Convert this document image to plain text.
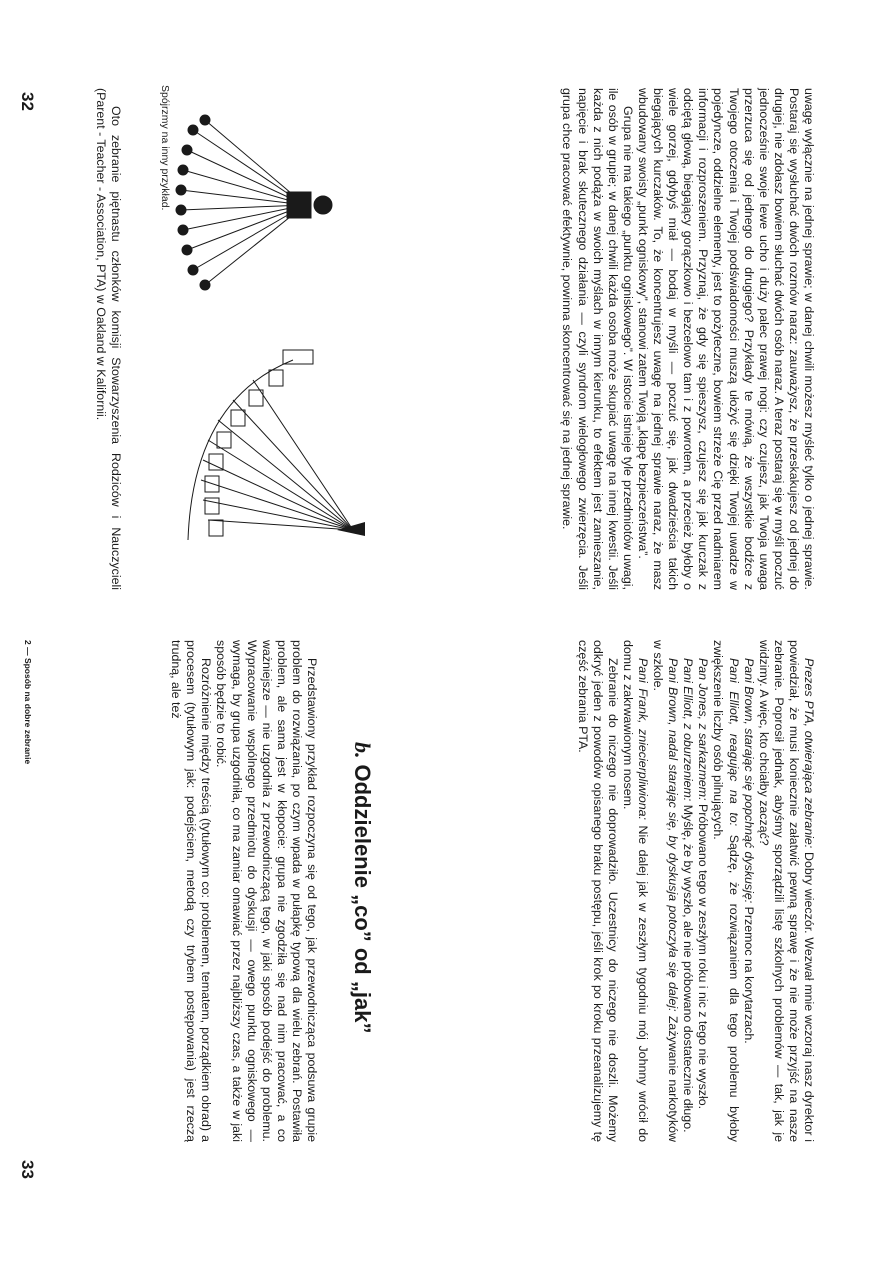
uwagę wyłącznie na jednej sprawie; w danej chwili możesz myśleć tylko o jednej sprawie. Postaraj się wysłuchać dwóch rozmów naraz: zauważysz, że przeskakujesz od jednej do drugiej, nie zdołasz bowiem słuchać dwóch osób naraz. A teraz postaraj się w myśli poczuć jednocześnie swoje lewe ucho i duży palec prawej nogi: czy czujesz, jak Twoja uwaga przerzuca się od jednego do drugiego? Przykłady te mówią, że wszystkie bodźce z Twojego otoczenia i Twojej podświadomości muszą ułożyć się dzięki Twojej uwadze w pojedyncze, oddzielne elementy, jest to pożyteczne, bowiem strzeże Cię przed nadmiarem informacji i rozproszeniem. Przyznaj, że gdy się spieszysz, czujesz się jak kurczak z odciętą głową, biegający gorączkowo i bezcelowo tam i z powrotem, a przecież byłoby o wiele gorzej, gdybyś miał — bodaj w myśli — poczuć się, jak dwadzieścia takich biegających kurczaków. To, że koncentrujesz uwagę na jednej sprawie naraz, że masz wbudowany swoisty „punkt ogniskowy”, stanowi zatem Twoją „klapę bezpieczeństwa”.

Grupa nie ma takiego „punktu ogniskowego”. W istocie istnieje tyle przedmiotów uwagi, ile osób w grupie; w danej chwili każda osoba może skupiać uwagę na innej kwestii. Jeśli każda z nich podąża w swoich myślach w innym kierunku, to efektem jest zamieszanie, napięcie i brak skutecznego działania — czyli syndrom wielogłowego zwierzęcia. Jeśli grupa chce pracować efektywnie, powinna skoncentrować się na jednej sprawie.

Spójrzmy na inny przykład.

Oto zebranie piętnastu członków komisji Stowarzyszenia Rodziców i Nauczycieli (Parent - Teacher - Association, PTA) w Oakland w Kalifornii.

32

Prezes PTA, otwierająca zebranie: Dobry wieczór. Wezwał mnie wczoraj nasz dyrektor i powiedział, że musi koniecznie załatwić pewną sprawę i że nie może przyjść na nasze zebranie. Poprosił jednak, abyśmy sporządzili listę szkolnych problemów — tak, jak je widzimy. A więc, kto chciałby zacząć?

Pani Brown, starając się popchnąć dyskusję: Przemoc na korytarzach.

Pani Elliott, reagując na to: Sądzę, że rozwiązaniem dla tego problemu byłoby zwiększenie liczby osób pilnujących.

Pan Jones, z sarkazmem: Próbowano tego w zeszłym roku i nic z tego nie wyszło.

Pani Elliott, z oburzeniem: Myślę, że by wyszło, ale nie próbowano dostatecznie długo.

Pani Brown, nadal starając się, by dyskusja potoczyła się dalej: Zażywanie narkotyków w szkole.

Pani Frank, zniecierpliwiona: Nie dalej jak w zeszłym tygodniu mój Johnny wrócił do domu z zakrwawionym nosem.

Zebranie do niczego nie doprowadziło. Uczestnicy do niczego nie doszli. Możemy odkryć jeden z powodów opisanego braku postępu, jeśli krok po kroku przeanalizujemy tę część zebrania PTA.

b.Oddzielenie „co” od „jak”

Przedstawiony przykład rozpoczyna się od tego, jak przewodnicząca podsuwa grupie problem do rozwiązania, po czym wpada w pułapkę typową dla wielu zebrań. Postawiła problem, ale sama jest w kłopocie: grupa nie zgodziła się nad nim pracować, a co ważniejsze — nie uzgodniła z przewodniczącą tego, w jaki sposób podejść do problemu. Wypracowanie wspólnego przedmiotu do dyskusji — owego punktu ogniskowego — wymaga, by grupa uzgodniła, co ma zamiar omawiać przez najbliższy czas, a także w jaki sposób będzie to robić.

Rozróżnienie między treścią (tytułowym co: problemem, tematem, porządkiem obrad) a procesem (tytułowym jak: podejściem, metodą czy trybem postępowania) jest rzeczą trudną, ale też

2 — Sposób na dobre zebranie
33
